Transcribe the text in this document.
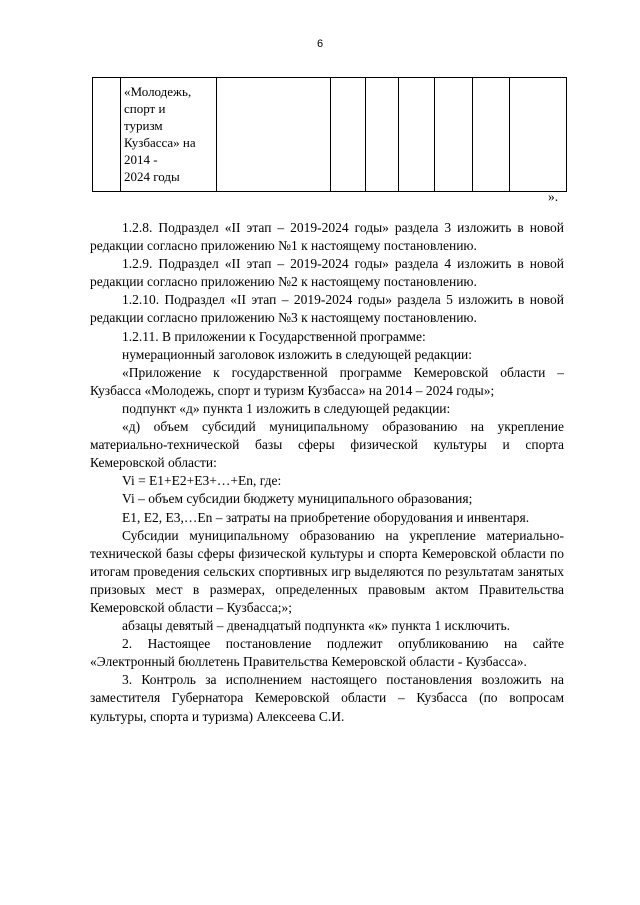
6

«Молодежь,
спорт и
туризм
Кузбасса» на
2014 -
2024 годы

».

1.2.8. Подраздел «II этап – 2019-2024 годы» раздела 3 изложить в новой редакции согласно приложению №1 к настоящему постановлению.

1.2.9. Подраздел «II этап – 2019-2024 годы» раздела 4 изложить в новой редакции согласно приложению №2 к настоящему постановлению.

1.2.10. Подраздел «II этап – 2019-2024 годы» раздела 5 изложить в новой редакции согласно приложению №3 к настоящему постановлению.

1.2.11. В приложении к Государственной программе:

нумерационный заголовок изложить в следующей редакции:

«Приложение к государственной программе Кемеровской области – Кузбасса «Молодежь, спорт и туризм Кузбасса» на 2014 – 2024 годы»;

подпункт «д» пункта 1 изложить в следующей редакции:

«д) объем субсидий муниципальному образованию на укрепление материально-технической базы сферы физической культуры и спорта Кемеровской области:

Vi = E1+E2+E3+…+En, где:

Vi – объем субсидии бюджету муниципального образования;

E1, E2, E3,…En – затраты на приобретение оборудования и инвентаря.

Субсидии муниципальному образованию на укрепление материально-технической базы сферы физической культуры и спорта Кемеровской области по итогам проведения сельских спортивных игр выделяются по результатам занятых призовых мест в размерах, определенных правовым актом Правительства Кемеровской области – Кузбасса;»;

абзацы девятый – двенадцатый подпункта «к» пункта 1 исключить.

2. Настоящее постановление подлежит опубликованию на сайте «Электронный бюллетень Правительства Кемеровской области - Кузбасса».

3. Контроль за исполнением настоящего постановления возложить на заместителя Губернатора Кемеровской области – Кузбасса (по вопросам культуры, спорта и туризма) Алексеева С.И.
